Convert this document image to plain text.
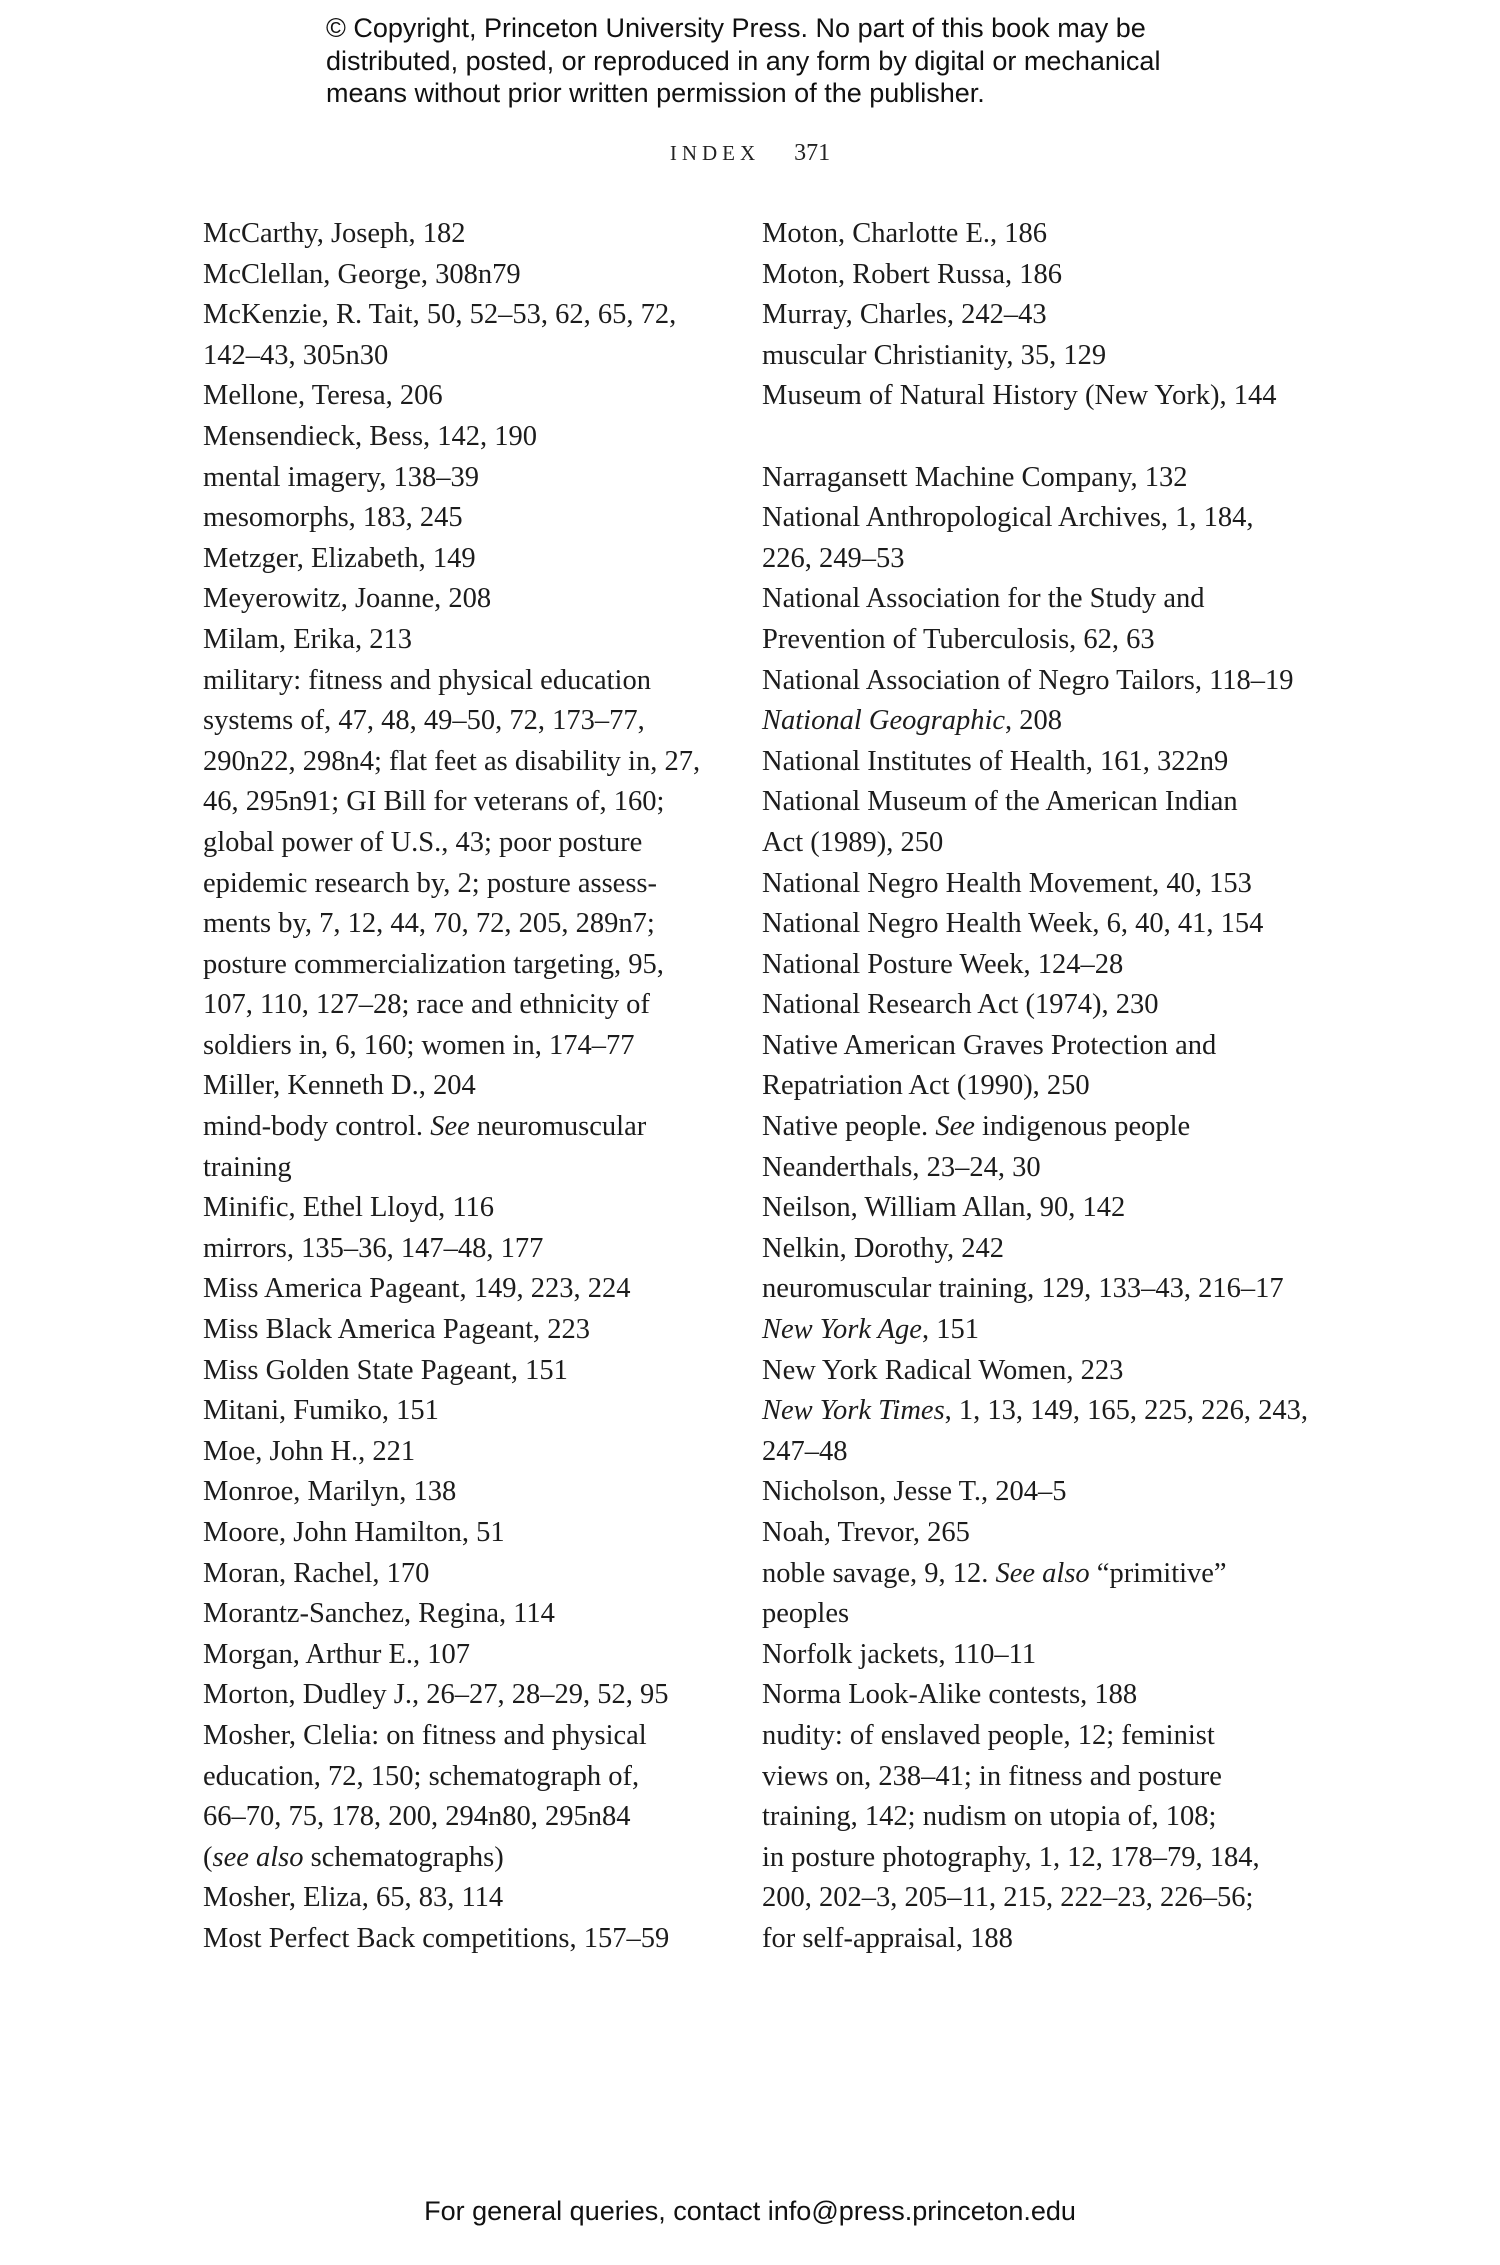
© Copyright, Princeton University Press. No part of this book may be
distributed, posted, or reproduced in any form by digital or mechanical
means without prior written permission of the publisher.
INDEX 371
McCarthy, Joseph, 182
McClellan, George, 308n79
McKenzie, R. Tait, 50, 52–53, 62, 65, 72,
142–43, 305n30
Mellone, Teresa, 206
Mensendieck, Bess, 142, 190
mental imagery, 138–39
mesomorphs, 183, 245
Metzger, Elizabeth, 149
Meyerowitz, Joanne, 208
Milam, Erika, 213
military: fitness and physical education
systems of, 47, 48, 49–50, 72, 173–77,
290n22, 298n4; flat feet as disability in, 27,
46, 295n91; GI Bill for veterans of, 160;
global power of U.S., 43; poor posture
epidemic research by, 2; posture assess-
ments by, 7, 12, 44, 70, 72, 205, 289n7;
posture commercialization targeting, 95,
107, 110, 127–28; race and ethnicity of
soldiers in, 6, 160; women in, 174–77
Miller, Kenneth D., 204
mind-body control. See neuromuscular
training
Minific, Ethel Lloyd, 116
mirrors, 135–36, 147–48, 177
Miss America Pageant, 149, 223, 224
Miss Black America Pageant, 223
Miss Golden State Pageant, 151
Mitani, Fumiko, 151
Moe, John H., 221
Monroe, Marilyn, 138
Moore, John Hamilton, 51
Moran, Rachel, 170
Morantz-Sanchez, Regina, 114
Morgan, Arthur E., 107
Morton, Dudley J., 26–27, 28–29, 52, 95
Mosher, Clelia: on fitness and physical
education, 72, 150; schematograph of,
66–70, 75, 178, 200, 294n80, 295n84
(see also schematographs)
Mosher, Eliza, 65, 83, 114
Most Perfect Back competitions, 157–59
Moton, Charlotte E., 186
Moton, Robert Russa, 186
Murray, Charles, 242–43
muscular Christianity, 35, 129
Museum of Natural History (New York), 144
Narragansett Machine Company, 132
National Anthropological Archives, 1, 184,
226, 249–53
National Association for the Study and
Prevention of Tuberculosis, 62, 63
National Association of Negro Tailors, 118–19
National Geographic, 208
National Institutes of Health, 161, 322n9
National Museum of the American Indian
Act (1989), 250
National Negro Health Movement, 40, 153
National Negro Health Week, 6, 40, 41, 154
National Posture Week, 124–28
National Research Act (1974), 230
Native American Graves Protection and
Repatriation Act (1990), 250
Native people. See indigenous people
Neanderthals, 23–24, 30
Neilson, William Allan, 90, 142
Nelkin, Dorothy, 242
neuromuscular training, 129, 133–43, 216–17
New York Age, 151
New York Radical Women, 223
New York Times, 1, 13, 149, 165, 225, 226, 243,
247–48
Nicholson, Jesse T., 204–5
Noah, Trevor, 265
noble savage, 9, 12. See also “primitive”
peoples
Norfolk jackets, 110–11
Norma Look-Alike contests, 188
nudity: of enslaved people, 12; feminist
views on, 238–41; in fitness and posture
training, 142; nudism on utopia of, 108;
in posture photography, 1, 12, 178–79, 184,
200, 202–3, 205–11, 215, 222–23, 226–56;
for self-appraisal, 188
For general queries, contact info@press.princeton.edu
